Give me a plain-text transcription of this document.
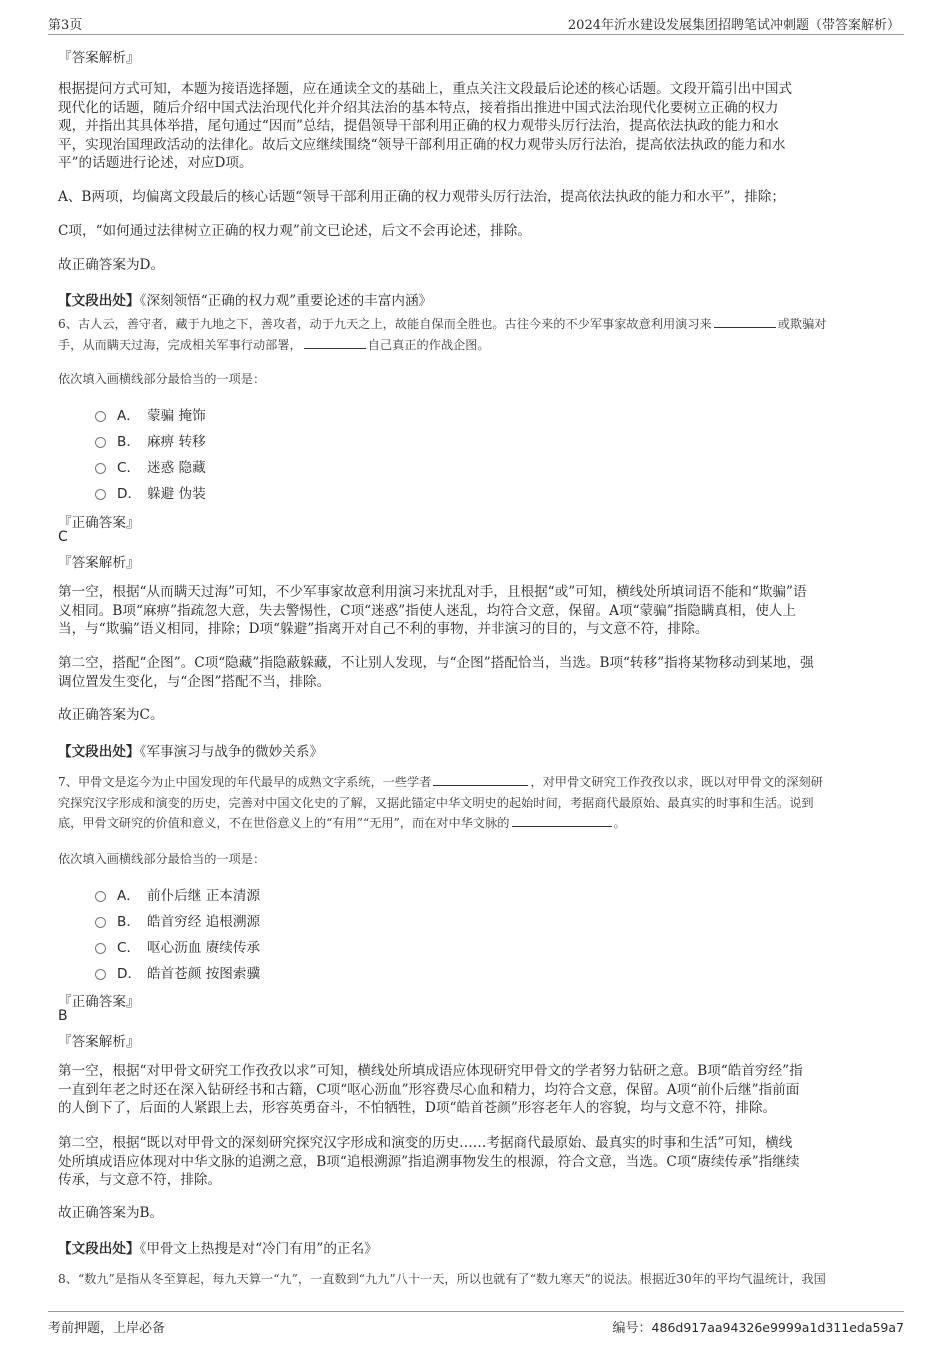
第3页	2024年沂水建设发展集团招聘笔试冲刺题（带答案解析）
『答案解析』
根据提问方式可知，本题为接语选择题，应在通读全文的基础上，重点关注文段最后论述的核心话题。文段开篇引出中国式
现代化的话题，随后介绍中国式法治现代化并介绍其法治的基本特点，接着指出推进中国式法治现代化要树立正确的权力
观，并指出其具体举措，尾句通过“因而”总结，提倡领导干部利用正确的权力观带头厉行法治，提高依法执政的能力和水
平，实现治国理政活动的法律化。故后文应继续围绕“领导干部利用正确的权力观带头厉行法治，提高依法执政的能力和水
平”的话题进行论述，对应D项。
A、B两项，均偏离文段最后的核心话题“领导干部利用正确的权力观带头厉行法治，提高依法执政的能力和水平”，排除；
C项，“如何通过法律树立正确的权力观”前文已论述，后文不会再论述，排除。
故正确答案为D。
【文段出处】《深刻领悟“正确的权力观”重要论述的丰富内涵》
6、古人云，善守者，藏于九地之下，善攻者，动于九天之上，故能自保而全胜也。古往今来的不少军事家故意利用演习来	或欺骗对
手，从而瞒天过海，完成相关军事行动部署，	自己真正的作战企图。
依次填入画横线部分最恰当的一项是：
A． 蒙骗 掩饰
B． 麻痹 转移
C． 迷惑 隐藏
D． 躲避 伪装
『正确答案』
C
『答案解析』
第一空，根据“从而瞒天过海”可知，不少军事家故意利用演习来扰乱对手，且根据“或”可知，横线处所填词语不能和“欺骗”语
义相同。B项“麻痹”指疏忽大意，失去警惕性，C项“迷惑”指使人迷乱，均符合文意，保留。A项“蒙骗”指隐瞒真相，使人上
当，与“欺骗”语义相同，排除；D项“躲避”指离开对自己不利的事物，并非演习的目的，与文意不符，排除。
第二空，搭配“企图”。C项“隐藏”指隐蔽躲藏，不让别人发现，与“企图”搭配恰当，当选。B项“转移”指将某物移动到某地，强
调位置发生变化，与“企图”搭配不当，排除。
故正确答案为C。
【文段出处】《军事演习与战争的微妙关系》
7、甲骨文是迄今为止中国发现的年代最早的成熟文字系统，一些学者	，对甲骨文研究工作孜孜以求，既以对甲骨文的深刻研
究探究汉字形成和演变的历史，完善对中国文化史的了解，又据此锚定中华文明史的起始时间，考据商代最原始、最真实的时事和生活。说到
底，甲骨文研究的价值和意义，不在世俗意义上的“有用”“无用”，而在对中华文脉的	。
依次填入画横线部分最恰当的一项是：
A． 前仆后继 正本清源
B． 皓首穷经 追根溯源
C． 呕心沥血 赓续传承
D． 皓首苍颜 按图索骥
『正确答案』
B
『答案解析』
第一空，根据“对甲骨文研究工作孜孜以求”可知，横线处所填成语应体现研究甲骨文的学者努力钻研之意。B项“皓首穷经”指
一直到年老之时还在深入钻研经书和古籍，C项“呕心沥血”形容费尽心血和精力，均符合文意，保留。A项“前仆后继”指前面
的人倒下了，后面的人紧跟上去，形容英勇奋斗，不怕牺牲，D项“皓首苍颜”形容老年人的容貌，均与文意不符，排除。
第二空，根据“既以对甲骨文的深刻研究探究汉字形成和演变的历史……考据商代最原始、最真实的时事和生活”可知，横线
处所填成语应体现对中华文脉的追溯之意，B项“追根溯源”指追溯事物发生的根源，符合文意，当选。C项“赓续传承”指继续
传承，与文意不符，排除。
故正确答案为B。
【文段出处】《甲骨文上热搜是对“冷门有用”的正名》
8、“数九”是指从冬至算起，每九天算一“九”，一直数到“九九”八十一天，所以也就有了“数九寒天”的说法。根据近30年的平均气温统计，我国
考前押题，上岸必备	编号：486d917aa94326e9999a1d311eda59a7
